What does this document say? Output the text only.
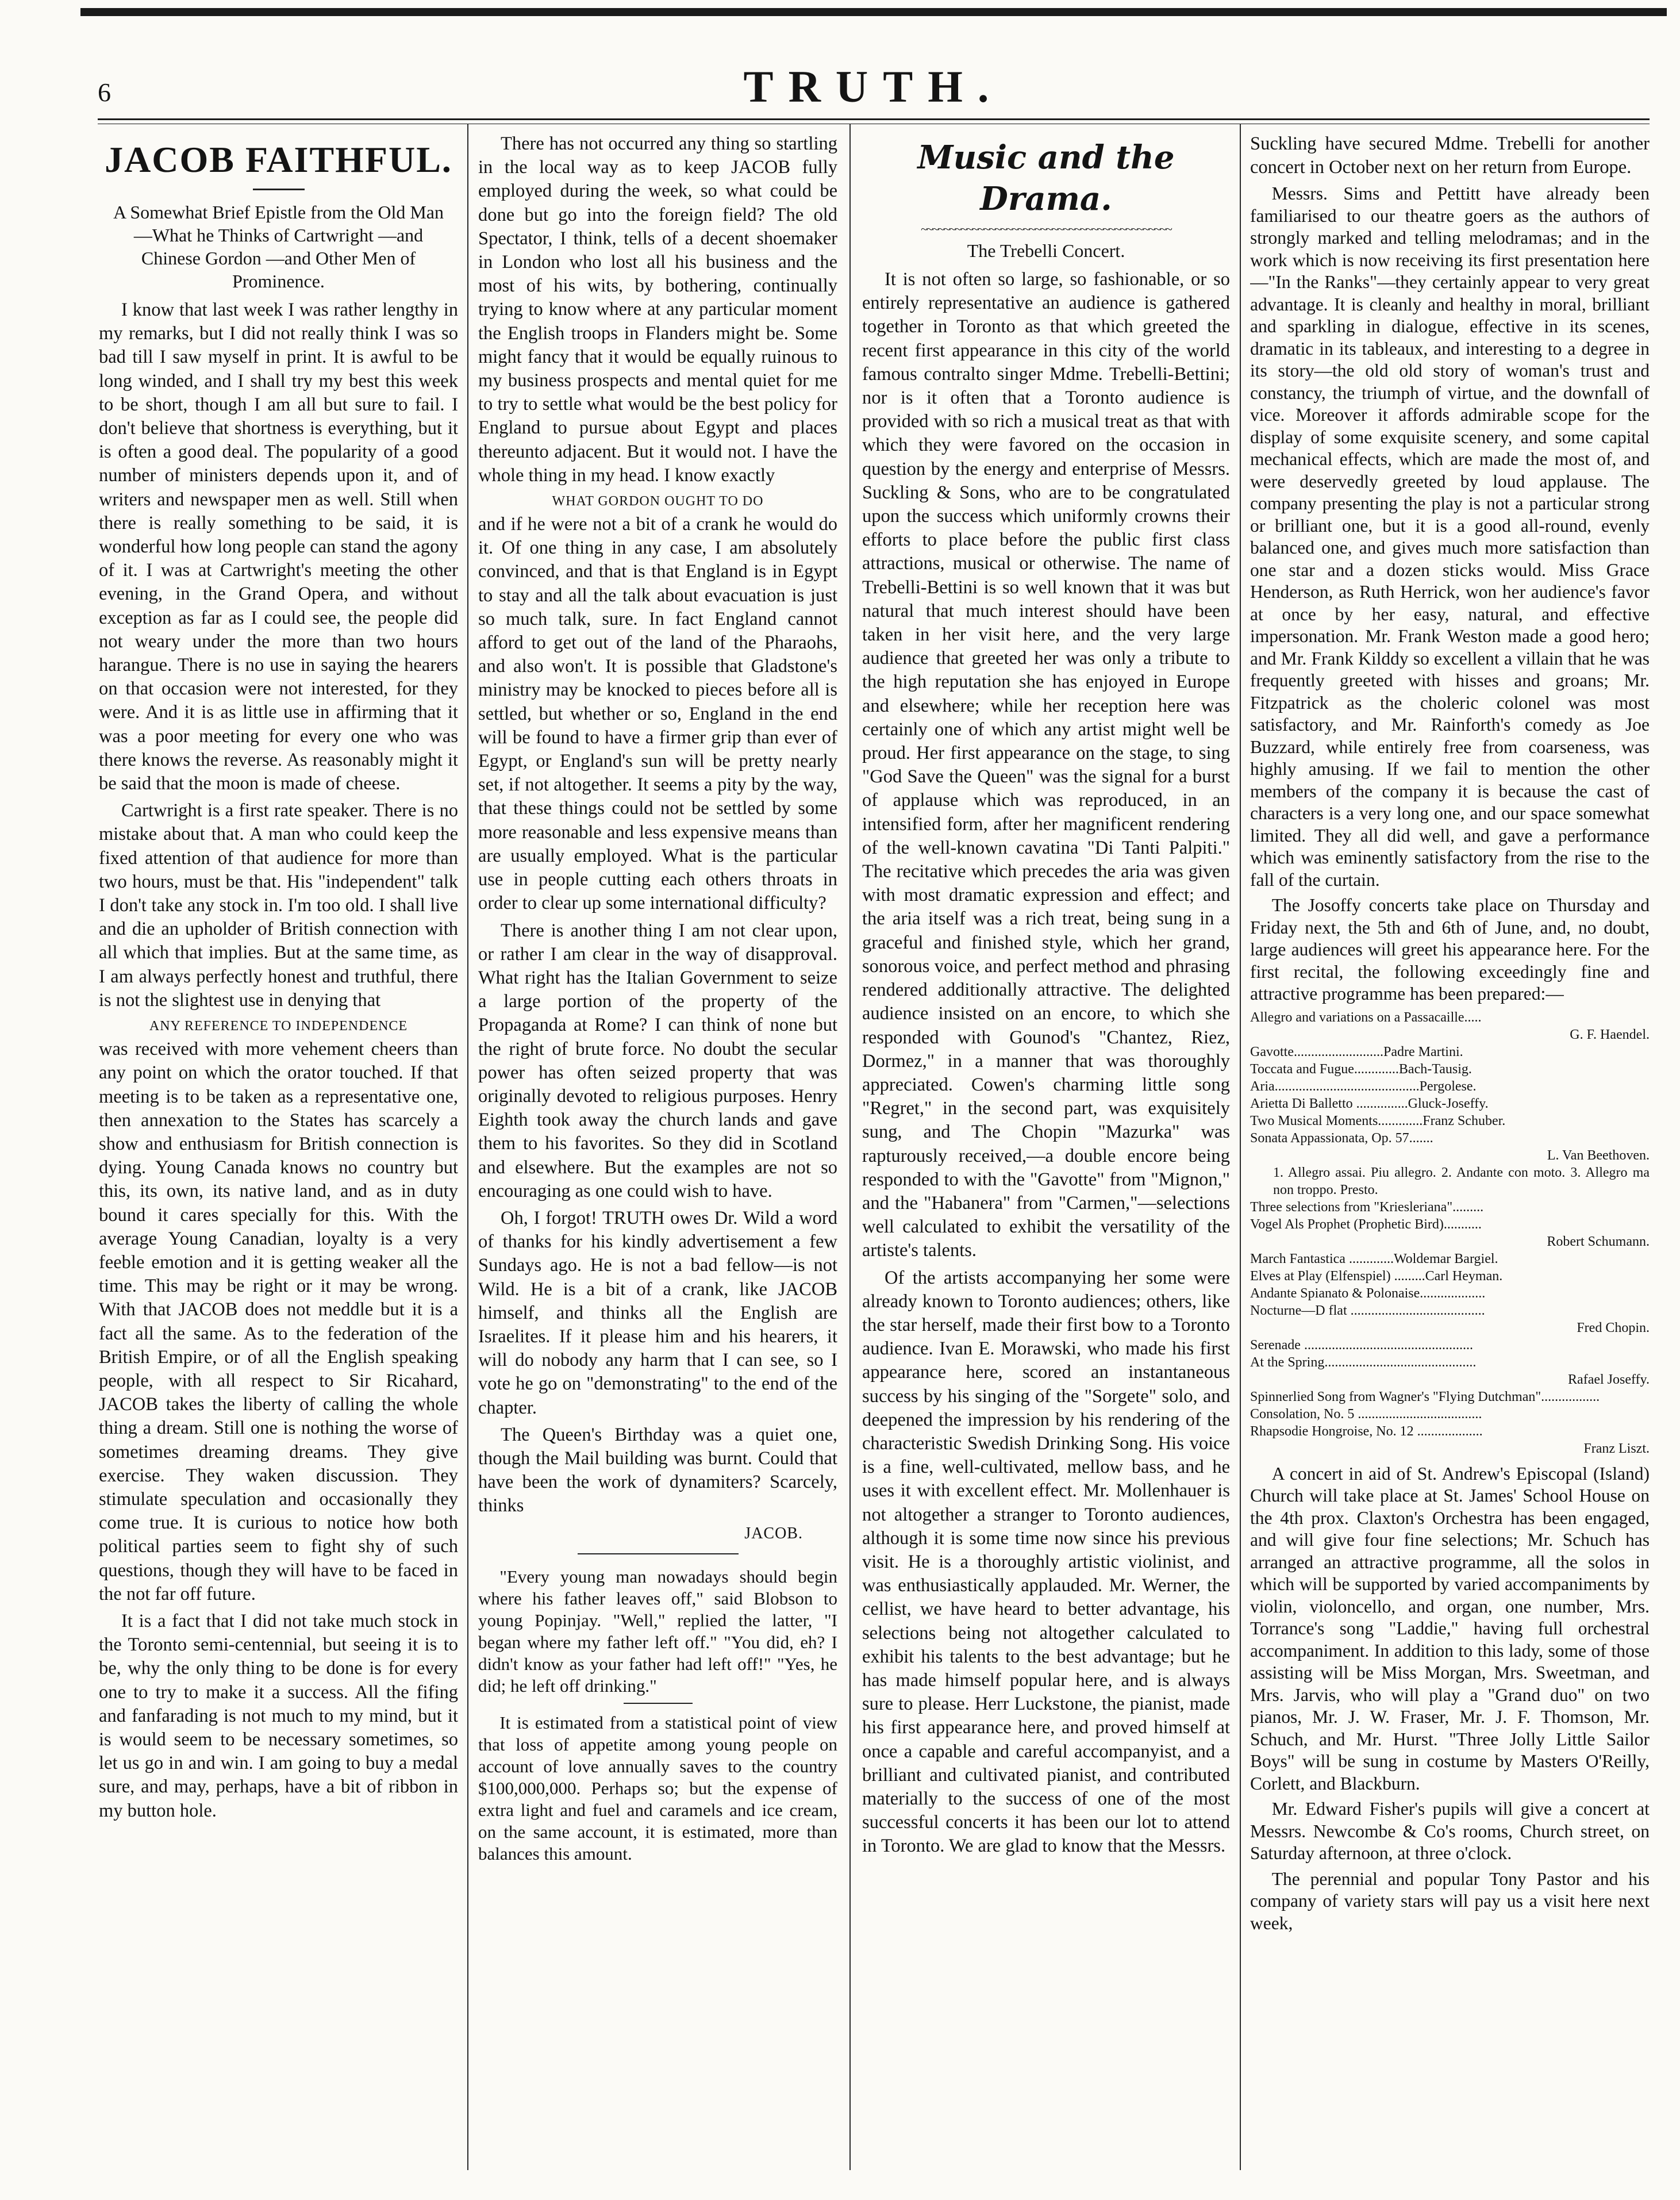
6	TRUTH.
JACOB FAITHFUL.
A Somewhat Brief Epistle from the Old Man—What he Thinks of Cartwright —and Chinese Gordon —and Other Men of Prominence.

I know that last week I was rather lengthy in my remarks, but I did not really think I was so bad till I saw myself in print. It is awful to be long winded, and I shall try my best this week to be short, though I am all but sure to fail. I don't believe that shortness is everything, but it is often a good deal. The popularity of a good number of ministers depends upon it, and of writers and newspaper men as well. Still when there is really something to be said, it is wonderful how long people can stand the agony of it. I was at Cartwright's meeting the other evening, in the Grand Opera, and without exception as far as I could see, the people did not weary under the more than two hours harangue. There is no use in saying the hearers on that occasion were not interested, for they were. And it is as little use in affirming that it was a poor meeting for every one who was there knows the reverse. As reasonably might it be said that the moon is made of cheese.

Cartwright is a first rate speaker. There is no mistake about that. A man who could keep the fixed attention of that audience for more than two hours, must be that. His "independent" talk I don't take any stock in. I'm too old. I shall live and die an upholder of British connection with all which that implies. But at the same time, as I am always perfectly honest and truthful, there is not the slightest use in denying that

ANY REFERENCE TO INDEPENDENCE

was received with more vehement cheers than any point on which the orator touched. If that meeting is to be taken as a representative one, then annexation to the States has scarcely a show and enthusiasm for British connection is dying. Young Canada knows no country but this, its own, its native land, and as in duty bound it cares specially for this. With the average Young Canadian, loyalty is a very feeble emotion and it is getting weaker all the time. This may be right or it may be wrong. With that JACOB does not meddle but it is a fact all the same. As to the federation of the British Empire, or of all the English speaking people, with all respect to Sir Ricahard, JACOB takes the liberty of calling the whole thing a dream. Still one is nothing the worse of sometimes dreaming dreams. They give exercise. They waken discussion. They stimulate speculation and occasionally they come true. It is curious to notice how both political parties seem to fight shy of such questions, though they will have to be faced in the not far off future.

It is a fact that I did not take much stock in the Toronto semi-centennial, but seeing it is to be, why the only thing to be done is for every one to try to make it a success. All the fifing and fanfarading is not much to my mind, but it is would seem to be necessary sometimes, so let us go in and win. I am going to buy a medal sure, and may, perhaps, have a bit of ribbon in my button hole.

There has not occurred any thing so startling in the local way as to keep JACOB fully employed during the week, so what could be done but go into the foreign field? The old Spectator, I think, tells of a decent shoemaker in London who lost all his business and the most of his wits, by bothering, continually trying to know where at any particular moment the English troops in Flanders might be. Some might fancy that it would be equally ruinous to my business prospects and mental quiet for me to try to settle what would be the best policy for England to pursue about Egypt and places thereunto adjacent. But it would not. I have the whole thing in my head. I know exactly

WHAT GORDON OUGHT TO DO

and if he were not a bit of a crank he would do it. Of one thing in any case, I am absolutely convinced, and that is that England is in Egypt to stay and all the talk about evacuation is just so much talk, sure. In fact England cannot afford to get out of the land of the Pharaohs, and also won't. It is possible that Gladstone's ministry may be knocked to pieces before all is settled, but whether or so, England in the end will be found to have a firmer grip than ever of Egypt, or England's sun will be pretty nearly set, if not altogether. It seems a pity by the way, that these things could not be settled by some more reasonable and less expensive means than are usually employed. What is the particular use in people cutting each others throats in order to clear up some international difficulty?

There is another thing I am not clear upon, or rather I am clear in the way of disapproval. What right has the Italian Government to seize a large portion of the property of the Propaganda at Rome? I can think of none but the right of brute force. No doubt the secular power has often seized property that was originally devoted to religious purposes. Henry Eighth took away the church lands and gave them to his favorites. So they did in Scotland and elsewhere. But the examples are not so encouraging as one could wish to have.

Oh, I forgot! TRUTH owes Dr. Wild a word of thanks for his kindly advertisement a few Sundays ago. He is not a bad fellow—is not Wild. He is a bit of a crank, like JACOB himself, and thinks all the English are Israelites. If it please him and his hearers, it will do nobody any harm that I can see, so I vote he go on "demonstrating" to the end of the chapter.

The Queen's Birthday was a quiet one, though the Mail building was burnt. Could that have been the work of dynamiters? Scarcely, thinks

JACOB.

"Every young man nowadays should begin where his father leaves off," said Blobson to young Popinjay. "Well," replied the latter, "I began where my father left off." "You did, eh? I didn't know as your father had left off!" "Yes, he did; he left off drinking."

It is estimated from a statistical point of view that loss of appetite among young people on account of love annually saves to the country $100,000,000. Perhaps so; but the expense of extra light and fuel and caramels and ice cream, on the same account, it is estimated, more than balances this amount.

Music and the Drama.
~~~~~~~~~~~~~~~~~~~~~~~~~~~~~~~~~~~~~~~~~~~~
The Trebelli Concert.

It is not often so large, so fashionable, or so entirely representative an audience is gathered together in Toronto as that which greeted the recent first appearance in this city of the world famous contralto singer Mdme. Trebelli-Bettini; nor is it often that a Toronto audience is provided with so rich a musical treat as that with which they were favored on the occasion in question by the energy and enterprise of Messrs. Suckling & Sons, who are to be congratulated upon the success which uniformly crowns their efforts to place before the public first class attractions, musical or otherwise. The name of Trebelli-Bettini is so well known that it was but natural that much interest should have been taken in her visit here, and the very large audience that greeted her was only a tribute to the high reputation she has enjoyed in Europe and elsewhere; while her reception here was certainly one of which any artist might well be proud. Her first appearance on the stage, to sing "God Save the Queen" was the signal for a burst of applause which was reproduced, in an intensified form, after her magnificent rendering of the well-known cavatina "Di Tanti Palpiti." The recitative which precedes the aria was given with most dramatic expression and effect; and the aria itself was a rich treat, being sung in a graceful and finished style, which her grand, sonorous voice, and perfect method and phrasing rendered additionally attractive. The delighted audience insisted on an encore, to which she responded with Gounod's "Chantez, Riez, Dormez," in a manner that was thoroughly appreciated. Cowen's charming little song "Regret," in the second part, was exquisitely sung, and The Chopin "Mazurka" was rapturously received,—a double encore being responded to with the "Gavotte" from "Mignon," and the "Habanera" from "Carmen,"—selections well calculated to exhibit the versatility of the artiste's talents.

Of the artists accompanying her some were already known to Toronto audiences; others, like the star herself, made their first bow to a Toronto audience. Ivan E. Morawski, who made his first appearance here, scored an instantaneous success by his singing of the "Sorgete" solo, and deepened the impression by his rendering of the characteristic Swedish Drinking Song. His voice is a fine, well-cultivated, mellow bass, and he uses it with excellent effect. Mr. Mollenhauer is not altogether a stranger to Toronto audiences, although it is some time now since his previous visit. He is a thoroughly artistic violinist, and was enthusiastically applauded. Mr. Werner, the cellist, we have heard to better advantage, his selections being not altogether calculated to exhibit his talents to the best advantage; but he has made himself popular here, and is always sure to please. Herr Luckstone, the pianist, made his first appearance here, and proved himself at once a capable and careful accompanyist, and a brilliant and cultivated pianist, and contributed materially to the success of one of the most successful concerts it has been our lot to attend in Toronto. We are glad to know that the Messrs.

Suckling have secured Mdme. Trebelli for another concert in October next on her return from Europe.

Messrs. Sims and Pettitt have already been familiarised to our theatre goers as the authors of strongly marked and telling melodramas; and in the work which is now receiving its first presentation here—"In the Ranks"—they certainly appear to very great advantage. It is cleanly and healthy in moral, brilliant and sparkling in dialogue, effective in its scenes, dramatic in its tableaux, and interesting to a degree in its story—the old old story of woman's trust and constancy, the triumph of virtue, and the downfall of vice. Moreover it affords admirable scope for the display of some exquisite scenery, and some capital mechanical effects, which are made the most of, and were deservedly greeted by loud applause. The company presenting the play is not a particular strong or brilliant one, but it is a good all-round, evenly balanced one, and gives much more satisfaction than one star and a dozen sticks would. Miss Grace Henderson, as Ruth Herrick, won her audience's favor at once by her easy, natural, and effective impersonation. Mr. Frank Weston made a good hero; and Mr. Frank Kilddy so excellent a villain that he was frequently greeted with hisses and groans; Mr. Fitzpatrick as the choleric colonel was most satisfactory, and Mr. Rainforth's comedy as Joe Buzzard, while entirely free from coarseness, was highly amusing. If we fail to mention the other members of the company it is because the cast of characters is a very long one, and our space somewhat limited. They all did well, and gave a performance which was eminently satisfactory from the rise to the fall of the curtain.

The Josoffy concerts take place on Thursday and Friday next, the 5th and 6th of June, and, no doubt, large audiences will greet his appearance here. For the first recital, the following exceedingly fine and attractive programme has been prepared:—

Allegro and variations on a Passacaille.....
G. F. Haendel.
Gavotte..........................Padre Martini.
Toccata and Fugue.............Bach-Tausig.
Aria..........................................Pergolese.
Arietta Di Balletto ...............Gluck-Joseffy.
Two Musical Moments.............Franz Schuber.
Sonata Appassionata, Op. 57.......
L. Van Beethoven.
1. Allegro assai. Piu allegro. 2. Andante con moto. 3. Allegro ma non troppo. Presto.
Three selections from "Kriesleriana".........
Vogel Als Prophet (Prophetic Bird)...........
Robert Schumann.
March Fantastica .............Woldemar Bargiel.
Elves at Play (Elfenspiel) .........Carl Heyman.
Andante Spianato & Polonaise...................
Nocturne—D flat .......................................
Fred Chopin.
Serenade .................................................
At the Spring............................................
Rafael Joseffy.
Spinnerlied Song from Wagner's "Flying Dutchman".................
Consolation, No. 5 ....................................
Rhapsodie Hongroise, No. 12 ...................
Franz Liszt.

A concert in aid of St. Andrew's Episcopal (Island) Church will take place at St. James' School House on the 4th prox. Claxton's Orchestra has been engaged, and will give four fine selections; Mr. Schuch has arranged an attractive programme, all the solos in which will be supported by varied accompaniments by violin, violoncello, and organ, one number, Mrs. Torrance's song "Laddie," having full orchestral accompaniment. In addition to this lady, some of those assisting will be Miss Morgan, Mrs. Sweetman, and Mrs. Jarvis, who will play a "Grand duo" on two pianos, Mr. J. W. Fraser, Mr. J. F. Thomson, Mr. Schuch, and Mr. Hurst. "Three Jolly Little Sailor Boys" will be sung in costume by Masters O'Reilly, Corlett, and Blackburn.

Mr. Edward Fisher's pupils will give a concert at Messrs. Newcombe & Co's rooms, Church street, on Saturday afternoon, at three o'clock.

The perennial and popular Tony Pastor and his company of variety stars will pay us a visit here next week,
